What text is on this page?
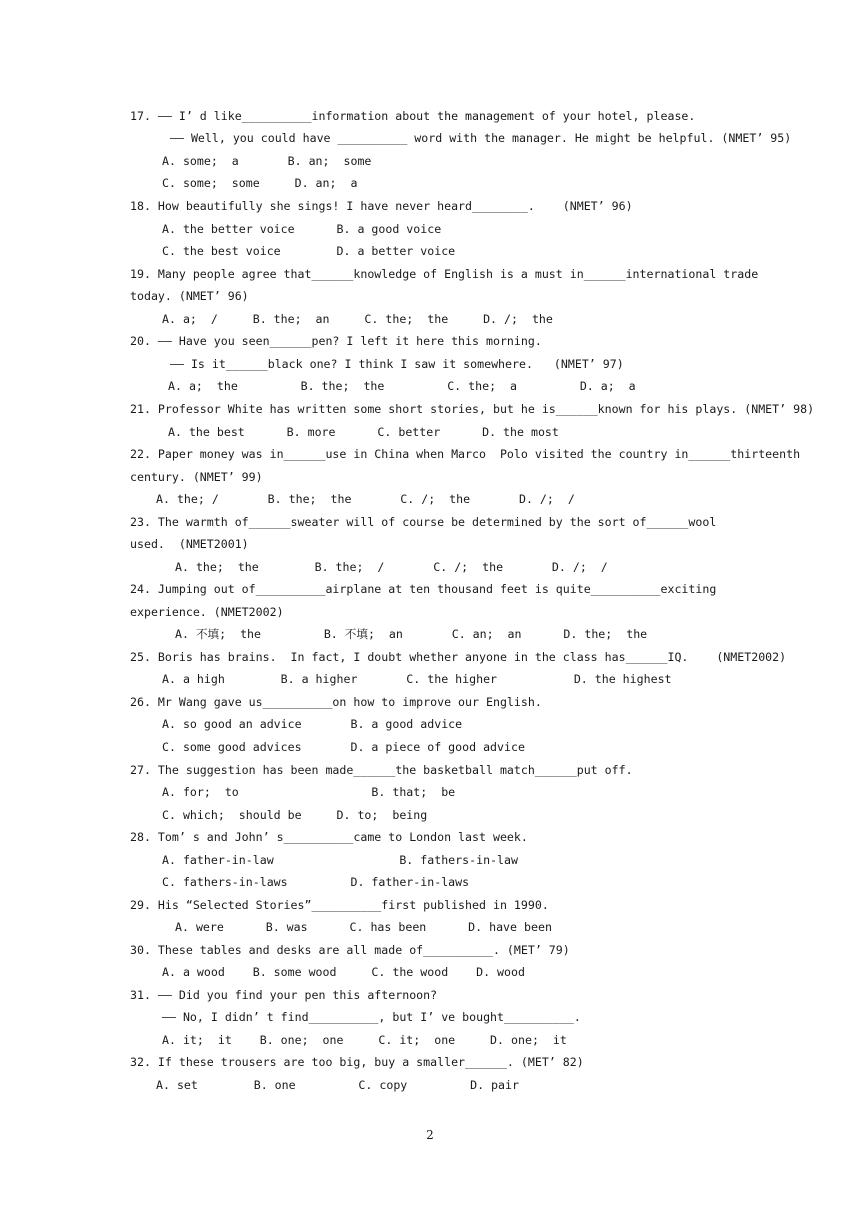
17. —— I’ d like__________information about the management of your hotel, please.
—— Well, you could have __________ word with the manager. He might be helpful. (NMET’ 95)
A. some;  a       B. an;  some
C. some;  some     D. an;  a
18. How beautifully she sings! I have never heard________.    (NMET’ 96)
A. the better voice      B. a good voice
C. the best voice        D. a better voice
19. Many people agree that______knowledge of English is a must in______international trade
today. (NMET’ 96)
A. a;  /     B. the;  an     C. the;  the     D. /;  the
20. —— Have you seen______pen? I left it here this morning.
—— Is it______black one? I think I saw it somewhere.   (NMET’ 97)
A. a;  the         B. the;  the         C. the;  a         D. a;  a
21. Professor White has written some short stories, but he is______known for his plays. (NMET’ 98)
A. the best      B. more      C. better      D. the most
22. Paper money was in______use in China when Marco  Polo visited the country in______thirteenth
century. (NMET’ 99)
A. the; /       B. the;  the       C. /;  the       D. /;  /
23. The warmth of______sweater will of course be determined by the sort of______wool
used.  (NMET2001)
A. the;  the        B. the;  /       C. /;  the       D. /;  /
24. Jumping out of__________airplane at ten thousand feet is quite__________exciting
experience. (NMET2002)
A. 不填;  the         B. 不填;  an       C. an;  an      D. the;  the
25. Boris has brains.  In fact, I doubt whether anyone in the class has______IQ.    (NMET2002)
A. a high        B. a higher       C. the higher           D. the highest
26. Mr Wang gave us__________on how to improve our English.
A. so good an advice       B. a good advice
C. some good advices       D. a piece of good advice
27. The suggestion has been made______the basketball match______put off.
A. for;  to                   B. that;  be
C. which;  should be     D. to;  being
28. Tom’ s and John’ s__________came to London last week.
A. father-in-law                  B. fathers-in-law
C. fathers-in-laws         D. father-in-laws
29. His “Selected Stories”__________first published in 1990.
A. were      B. was      C. has been      D. have been
30. These tables and desks are all made of__________. (MET’ 79)
A. a wood    B. some wood     C. the wood    D. wood
31. —— Did you find your pen this afternoon?
—— No, I didn’ t find__________, but I’ ve bought__________.
A. it;  it    B. one;  one     C. it;  one     D. one;  it
32. If these trousers are too big, buy a smaller______. (MET’ 82)
A. set        B. one         C. copy         D. pair
2
